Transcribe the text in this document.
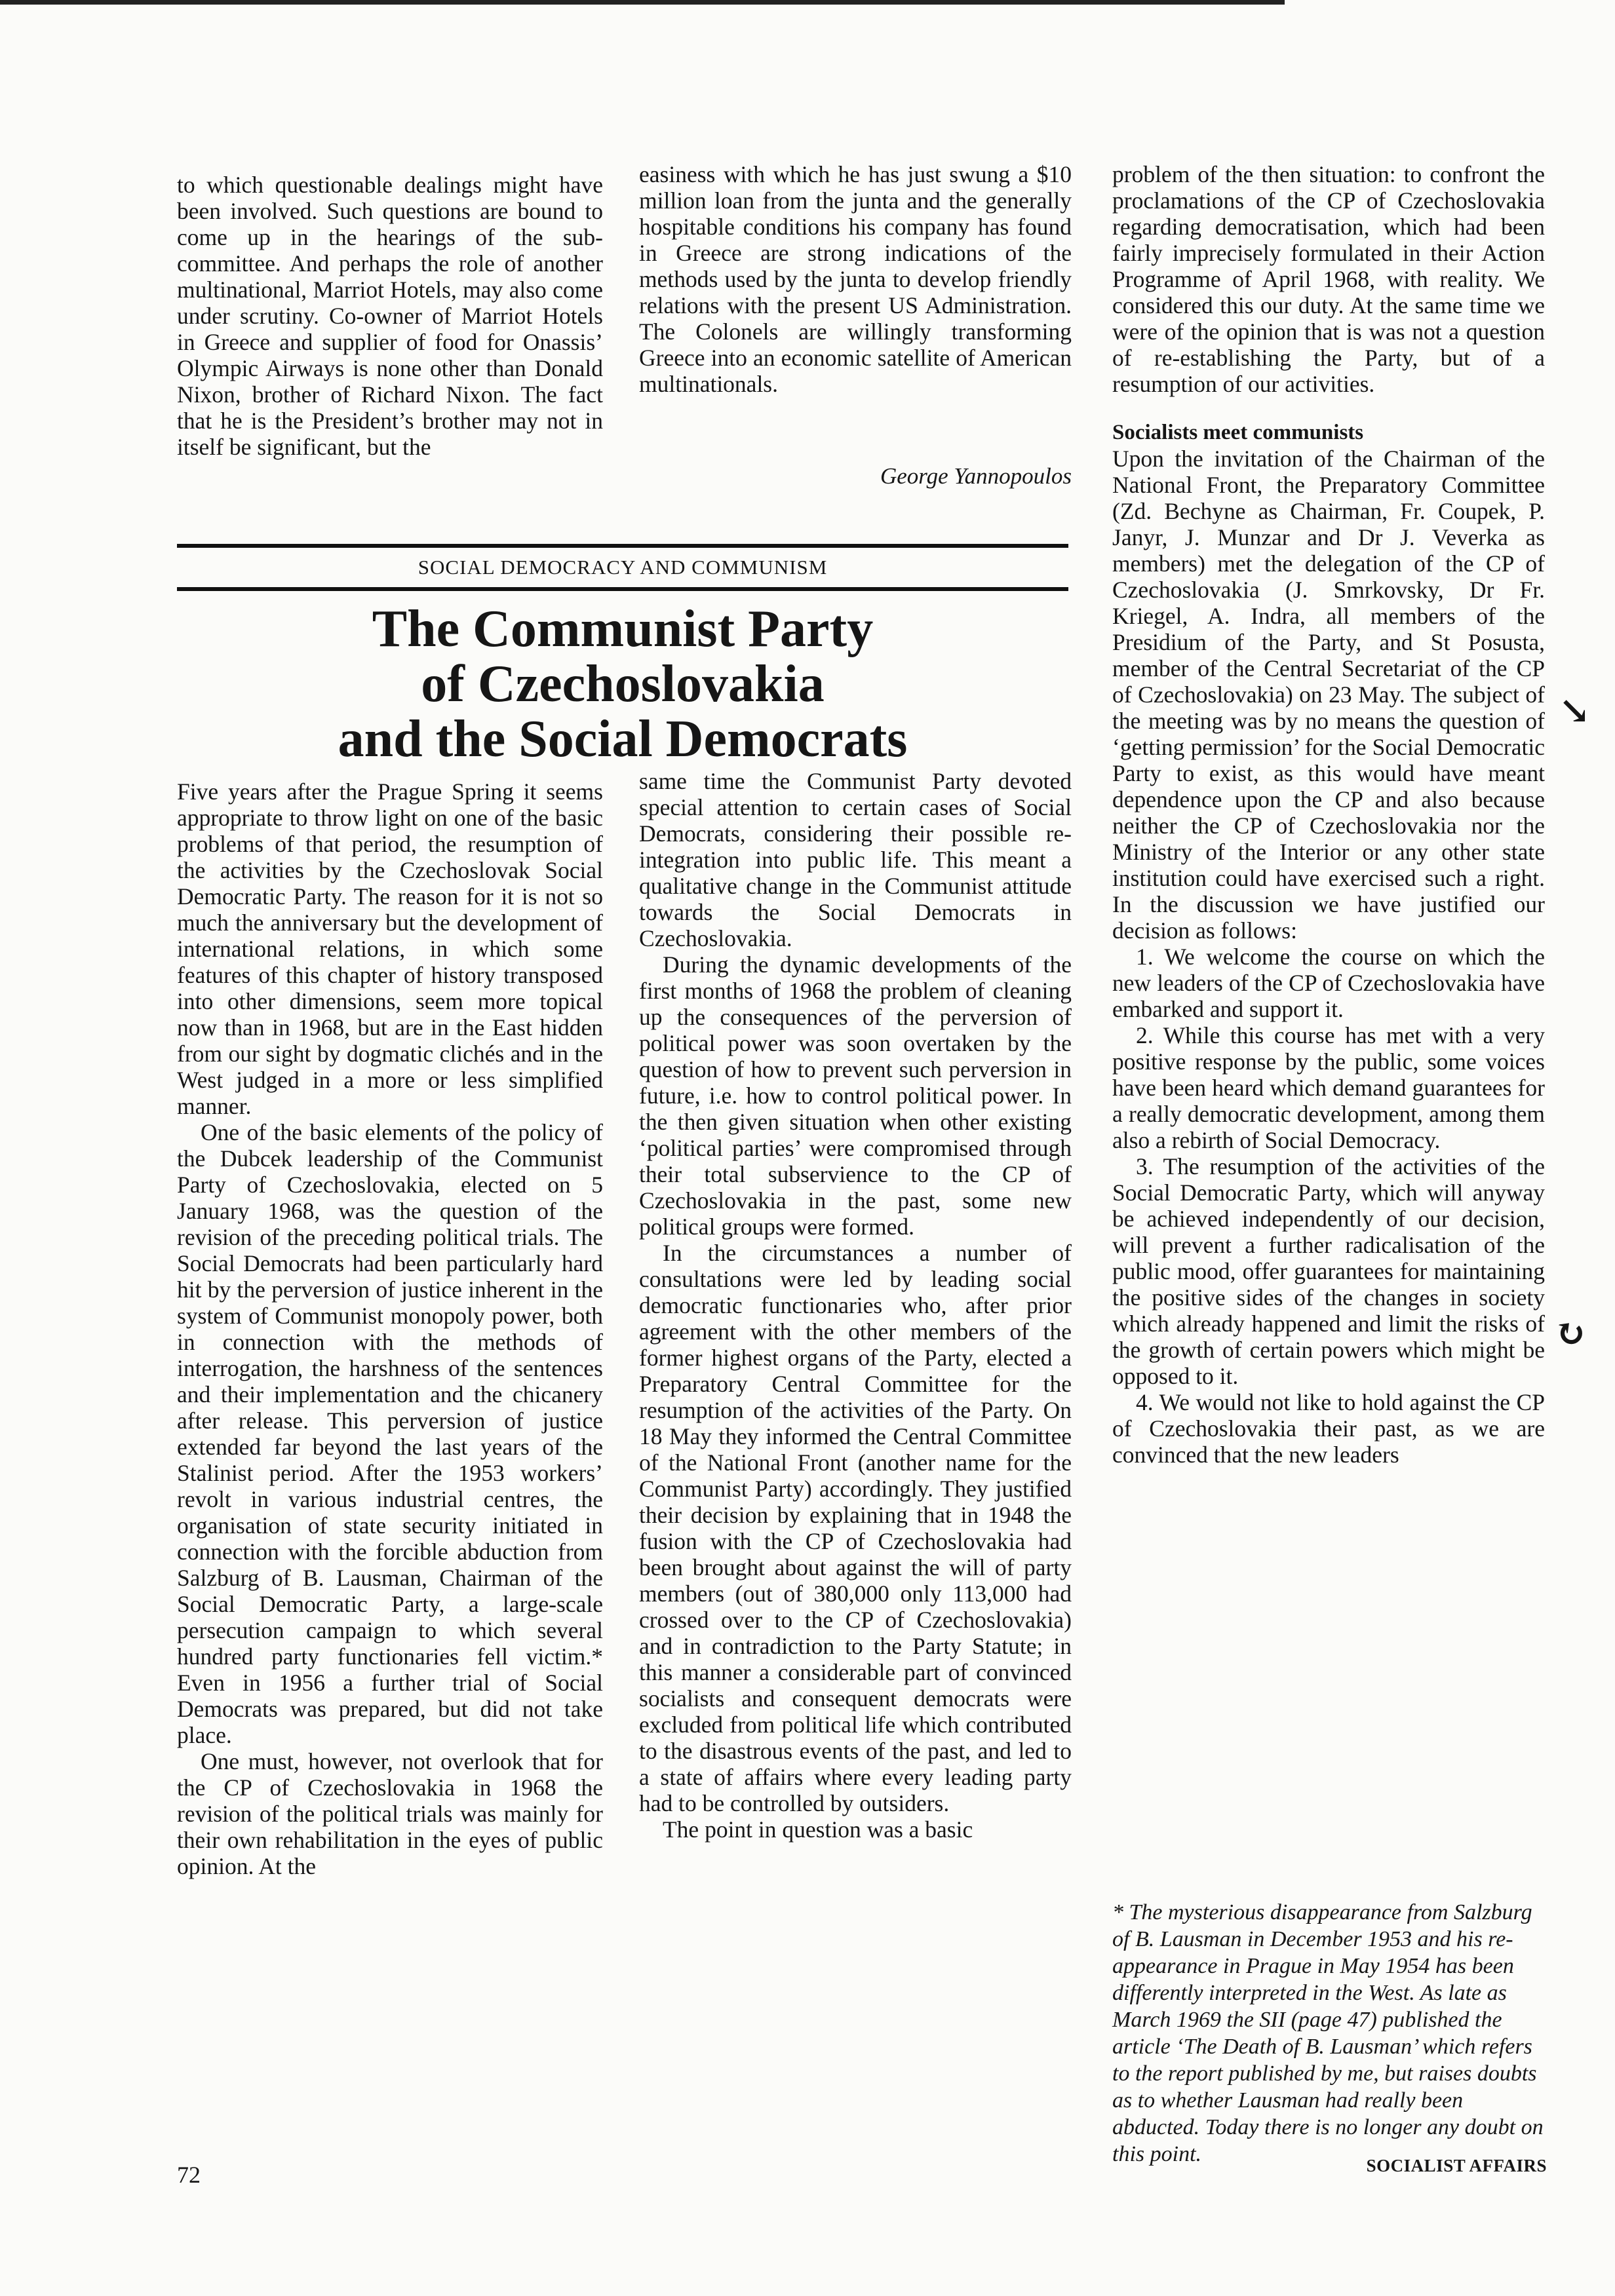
to which questionable dealings might have been involved. Such questions are bound to come up in the hearings of the sub-committee. And perhaps the role of another multinational, Marriot Hotels, may also come under scrutiny. Co-owner of Marriot Hotels in Greece and supplier of food for Onassis’ Olympic Airways is none other than Donald Nixon, brother of Richard Nixon. The fact that he is the President’s brother may not in itself be significant, but the

easiness with which he has just swung a $10 million loan from the junta and the generally hospitable conditions his company has found in Greece are strong indications of the methods used by the junta to develop friendly relations with the present US Administration. The Colonels are willingly transforming Greece into an economic satellite of American multinationals.

George Yannopoulos
SOCIAL DEMOCRACY AND COMMUNISM
The Communist Party
of Czechoslovakia
and the Social Democrats

Five years after the Prague Spring it seems appropriate to throw light on one of the basic problems of that period, the resumption of the activities by the Czechoslovak Social Democratic Party. The reason for it is not so much the anniversary but the development of international relations, in which some features of this chapter of history transposed into other dimensions, seem more topical now than in 1968, but are in the East hidden from our sight by dogmatic clichés and in the West judged in a more or less simplified manner.

One of the basic elements of the policy of the Dubcek leadership of the Communist Party of Czechoslovakia, elected on 5 January 1968, was the question of the revision of the preceding political trials. The Social Democrats had been particularly hard hit by the perversion of justice inherent in the system of Communist monopoly power, both in connection with the methods of interrogation, the harshness of the sentences and their implementation and the chicanery after release. This perversion of justice extended far beyond the last years of the Stalinist period. After the 1953 workers’ revolt in various industrial centres, the organisation of state security initiated in connection with the forcible abduction from Salzburg of B. Lausman, Chairman of the Social Democratic Party, a large-scale persecution campaign to which several hundred party functionaries fell victim.* Even in 1956 a further trial of Social Democrats was prepared, but did not take place.

One must, however, not overlook that for the CP of Czechoslovakia in 1968 the revision of the political trials was mainly for their own rehabilitation in the eyes of public opinion. At the

same time the Communist Party devoted special attention to certain cases of Social Democrats, considering their possible re-integration into public life. This meant a qualitative change in the Communist attitude towards the Social Democrats in Czechoslovakia.

During the dynamic developments of the first months of 1968 the problem of cleaning up the consequences of the perversion of political power was soon overtaken by the question of how to prevent such perversion in future, i.e. how to control political power. In the then given situation when other existing ‘political parties’ were compromised through their total subservience to the CP of Czechoslovakia in the past, some new political groups were formed.

In the circumstances a number of consultations were led by leading social democratic functionaries who, after prior agreement with the other members of the former highest organs of the Party, elected a Preparatory Central Committee for the resumption of the activities of the Party. On 18 May they informed the Central Committee of the National Front (another name for the Communist Party) accordingly. They justified their decision by explaining that in 1948 the fusion with the CP of Czechoslovakia had been brought about against the will of party members (out of 380,000 only 113,000 had crossed over to the CP of Czechoslovakia) and in contradiction to the Party Statute; in this manner a considerable part of convinced socialists and consequent democrats were excluded from political life which contributed to the disastrous events of the past, and led to a state of affairs where every leading party had to be controlled by outsiders.

The point in question was a basic

problem of the then situation: to confront the proclamations of the CP of Czechoslovakia regarding democratisation, which had been fairly imprecisely formulated in their Action Programme of April 1968, with reality. We considered this our duty. At the same time we were of the opinion that is was not a question of re-establishing the Party, but of a resumption of our activities.

Socialists meet communists

Upon the invitation of the Chairman of the National Front, the Preparatory Committee (Zd. Bechyne as Chairman, Fr. Coupek, P. Janyr, J. Munzar and Dr J. Veverka as members) met the delegation of the CP of Czechoslovakia (J. Smrkovsky, Dr Fr. Kriegel, A. Indra, all members of the Presidium of the Party, and St Posusta, member of the Central Secretariat of the CP of Czechoslovakia) on 23 May. The subject of the meeting was by no means the question of ‘getting permission’ for the Social Democratic Party to exist, as this would have meant dependence upon the CP and also because neither the CP of Czechoslovakia nor the Ministry of the Interior or any other state institution could have exercised such a right. In the discussion we have justified our decision as follows:

1. We welcome the course on which the new leaders of the CP of Czechoslovakia have embarked and support it.

2. While this course has met with a very positive response by the public, some voices have been heard which demand guarantees for a really democratic development, among them also a rebirth of Social Democracy.

3. The resumption of the activities of the Social Democratic Party, which will anyway be achieved independently of our decision, will prevent a further radicalisation of the public mood, offer guarantees for maintaining the positive sides of the changes in society which already happened and limit the risks of the growth of certain powers which might be opposed to it.

4. We would not like to hold against the CP of Czechoslovakia their past, as we are convinced that the new leaders

* The mysterious disappearance from Salzburg of B. Lausman in December 1953 and his re-appearance in Prague in May 1954 has been differently interpreted in the West. As late as March 1969 the SII (page 47) published the article ‘The Death of B. Lausman’ which refers to the report published by me, but raises doubts as to whether Lausman had really been abducted. Today there is no longer any doubt on this point.
↘
↻
72	SOCIALIST AFFAIRS
